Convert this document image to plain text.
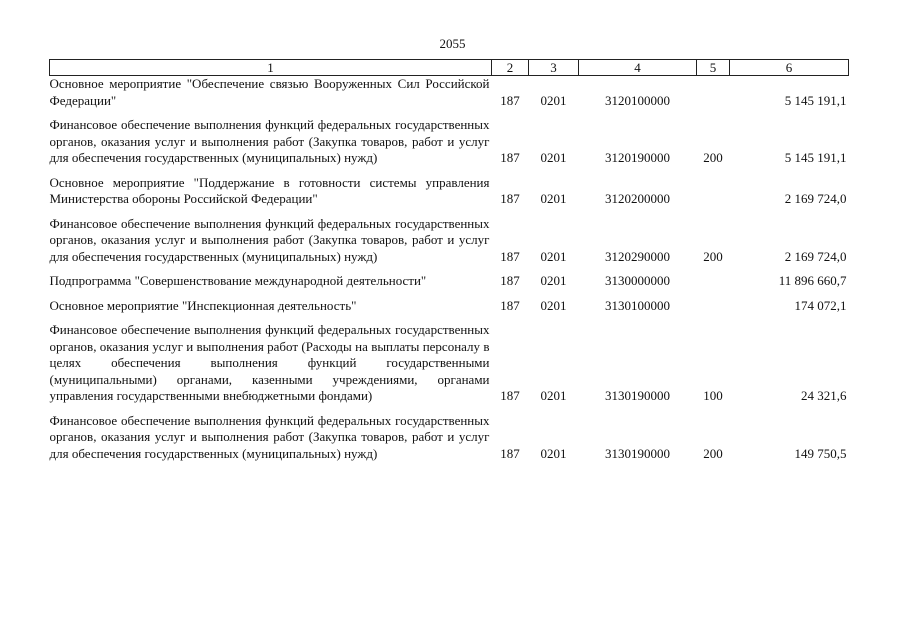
2055
1	2	3	4	5	6
Основное мероприятие "Обеспечение связью Вооруженных Сил Российской Федерации"	187	0201	3120100000		5 145 191,1

Финансовое обеспечение выполнения функций федеральных государственных органов, оказания услуг и выполнения работ (Закупка товаров, работ и услуг для обеспечения государственных (муниципальных) нужд)	187	0201	3120190000	200	5 145 191,1

Основное мероприятие "Поддержание в готовности системы управления Министерства обороны Российской Федерации"	187	0201	3120200000		2 169 724,0

Финансовое обеспечение выполнения функций федеральных государственных органов, оказания услуг и выполнения работ (Закупка товаров, работ и услуг для обеспечения государственных (муниципальных) нужд)	187	0201	3120290000	200	2 169 724,0

Подпрограмма "Совершенствование международной деятельности"	187	0201	3130000000		11 896 660,7

Основное мероприятие "Инспекционная деятельность"	187	0201	3130100000		174 072,1

Финансовое обеспечение выполнения функций федеральных государственных органов, оказания услуг и выполнения работ (Расходы на выплаты персоналу в целях обеспечения выполнения функций государственными (муниципальными) органами, казенными учреждениями, органами управления государственными внебюджетными фондами)	187	0201	3130190000	100	24 321,6

Финансовое обеспечение выполнения функций федеральных государственных органов, оказания услуг и выполнения работ (Закупка товаров, работ и услуг для обеспечения государственных (муниципальных) нужд)	187	0201	3130190000	200	149 750,5
